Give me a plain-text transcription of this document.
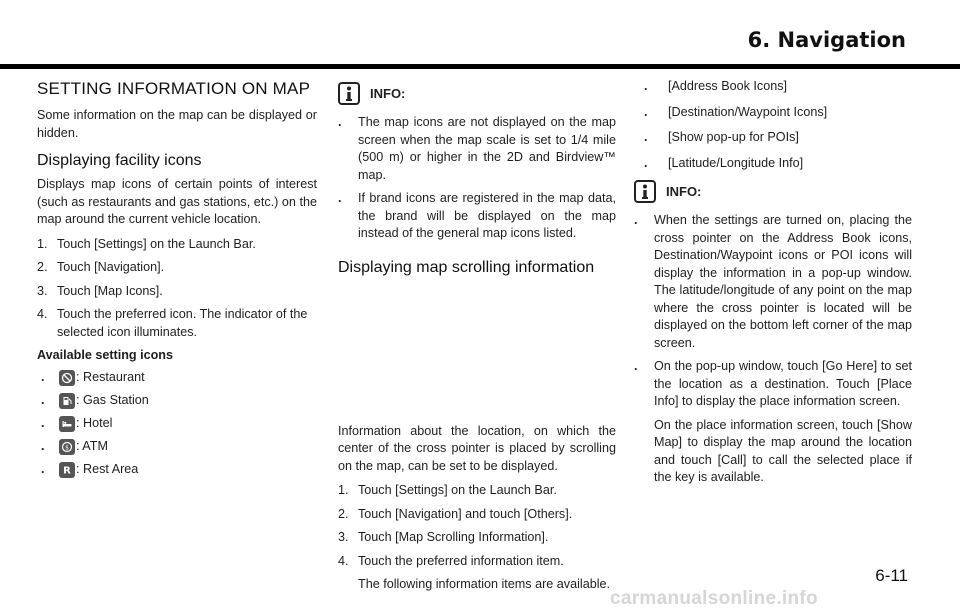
6. Navigation
SETTING INFORMATION ON MAP

Some information on the map can be displayed or hidden.

Displaying facility icons

Displays map icons of certain points of interest (such as restaurants and gas stations, etc.) on the map around the current vehicle location.

1. Touch [Settings] on the Launch Bar.
2. Touch [Navigation].
3. Touch [Map Icons].
4. Touch the preferred icon. The indicator of the selected icon illuminates.
Available setting icons
.	: Restaurant
.	: Gas Station
.	: Hotel
.	$ : ATM
.	R : Rest Area
INFO:
.	The map icons are not displayed on the map screen when the map scale is set to 1/4 mile (500 m) or higher in the 2D and Birdview™ map.
.	If brand icons are registered in the map data, the brand will be displayed on the map instead of the general map icons listed.
Displaying map scrolling information

Information about the location, on which the center of the cross pointer is placed by scrolling on the map, can be set to be displayed.

1. Touch [Settings] on the Launch Bar.
2. Touch [Navigation] and touch [Others].
3. Touch [Map Scrolling Information].
4. Touch the preferred information item.
The following information items are available.
.	[Address Book Icons]
.	[Destination/Waypoint Icons]
.	[Show pop-up for POIs]
.	[Latitude/Longitude Info]
INFO:
.	When the settings are turned on, placing the cross pointer on the Address Book icons, Destination/Waypoint icons or POI icons will display the information in a pop-up window. The latitude/longitude of any point on the map where the cross pointer is located will be displayed on the bottom left corner of the map screen.
.	On the pop-up window, touch [Go Here] to set the location as a destination. Touch [Place Info] to display the place information screen.
On the place information screen, touch [Show Map] to display the map around the location and touch [Call] to call the selected place if the key is available.
6-11
carmanualsonline.info
